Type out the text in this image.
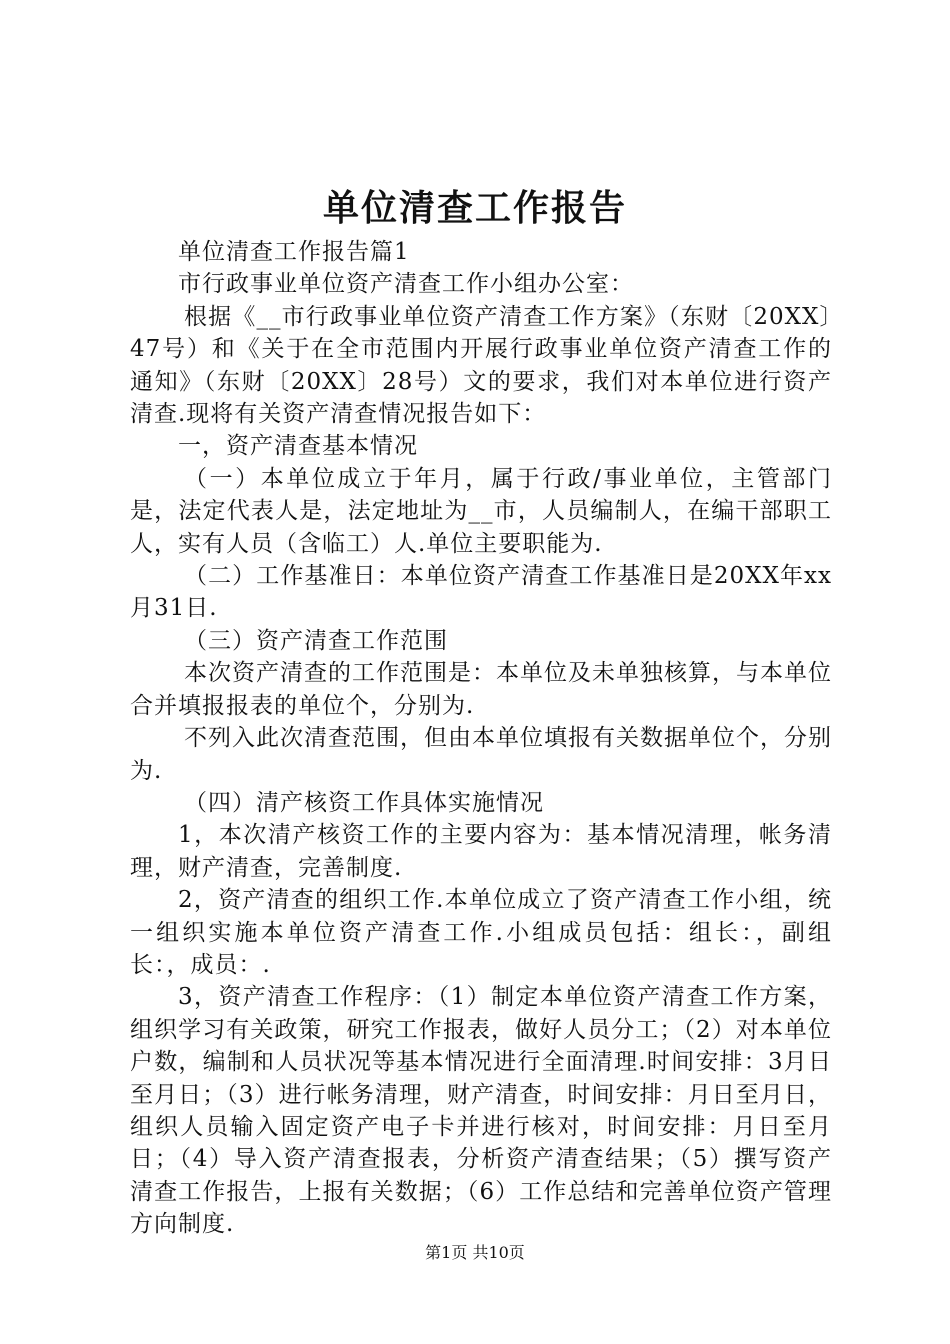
单位清查工作报告

单位清查工作报告篇1

市行政事业单位资产清查工作小组办公室：

根据《__市行政事业单位资产清查工作方案》（东财〔20XX〕47号）和《关于在全市范围内开展行政事业单位资产清查工作的通知》（东财〔20XX〕28号）文的要求，我们对本单位进行资产清查.现将有关资产清查情况报告如下：

一，资产清查基本情况

（一）本单位成立于年月，属于行政/事业单位，主管部门是，法定代表人是，法定地址为__市，人员编制人，在编干部职工人，实有人员（含临工）人.单位主要职能为.

（二）工作基准日：本单位资产清查工作基准日是20XX年xx月31日.

（三）资产清查工作范围

本次资产清查的工作范围是：本单位及未单独核算，与本单位合并填报报表的单位个，分别为.

不列入此次清查范围，但由本单位填报有关数据单位个，分别为.

（四）清产核资工作具体实施情况

1，本次清产核资工作的主要内容为：基本情况清理，帐务清理，财产清查，完善制度.

2，资产清查的组织工作.本单位成立了资产清查工作小组，统一组织实施本单位资产清查工作.小组成员包括：组长：，副组长：，成员：.

3，资产清查工作程序：（1）制定本单位资产清查工作方案，组织学习有关政策，研究工作报表，做好人员分工；（2）对本单位户数，编制和人员状况等基本情况进行全面清理.时间安排：3月日至月日；（3）进行帐务清理，财产清查，时间安排：月日至月日，组织人员输入固定资产电子卡并进行核对，时间安排：月日至月日；（4）导入资产清查报表，分析资产清查结果；（5）撰写资产清查工作报告，上报有关数据；（6）工作总结和完善单位资产管理方向制度.

第1页 共10页
